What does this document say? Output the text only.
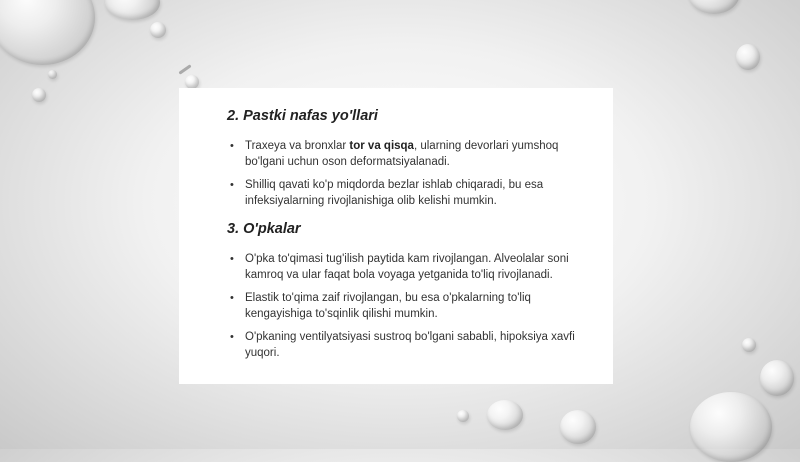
2. Pastki nafas yo'llari
• Traxeya va bronxlar tor va qisqa, ularning devorlari yumshoq bo'lgani uchun oson deformatsiyalanadi.
• Shilliq qavati ko'p miqdorda bezlar ishlab chiqaradi, bu esa infeksiyalarning rivojlanishiga olib kelishi mumkin.
3. O'pkalar
• O'pka to'qimasi tug'ilish paytida kam rivojlangan. Alveolalar soni kamroq va ular faqat bola voyaga yetganida to'liq rivojlanadi.
• Elastik to'qima zaif rivojlangan, bu esa o'pkalarning to'liq kengayishiga to'sqinlik qilishi mumkin.
• O'pkaning ventilyatsiyasi sustroq bo'lgani sababli, hipoksiya xavfi yuqori.
